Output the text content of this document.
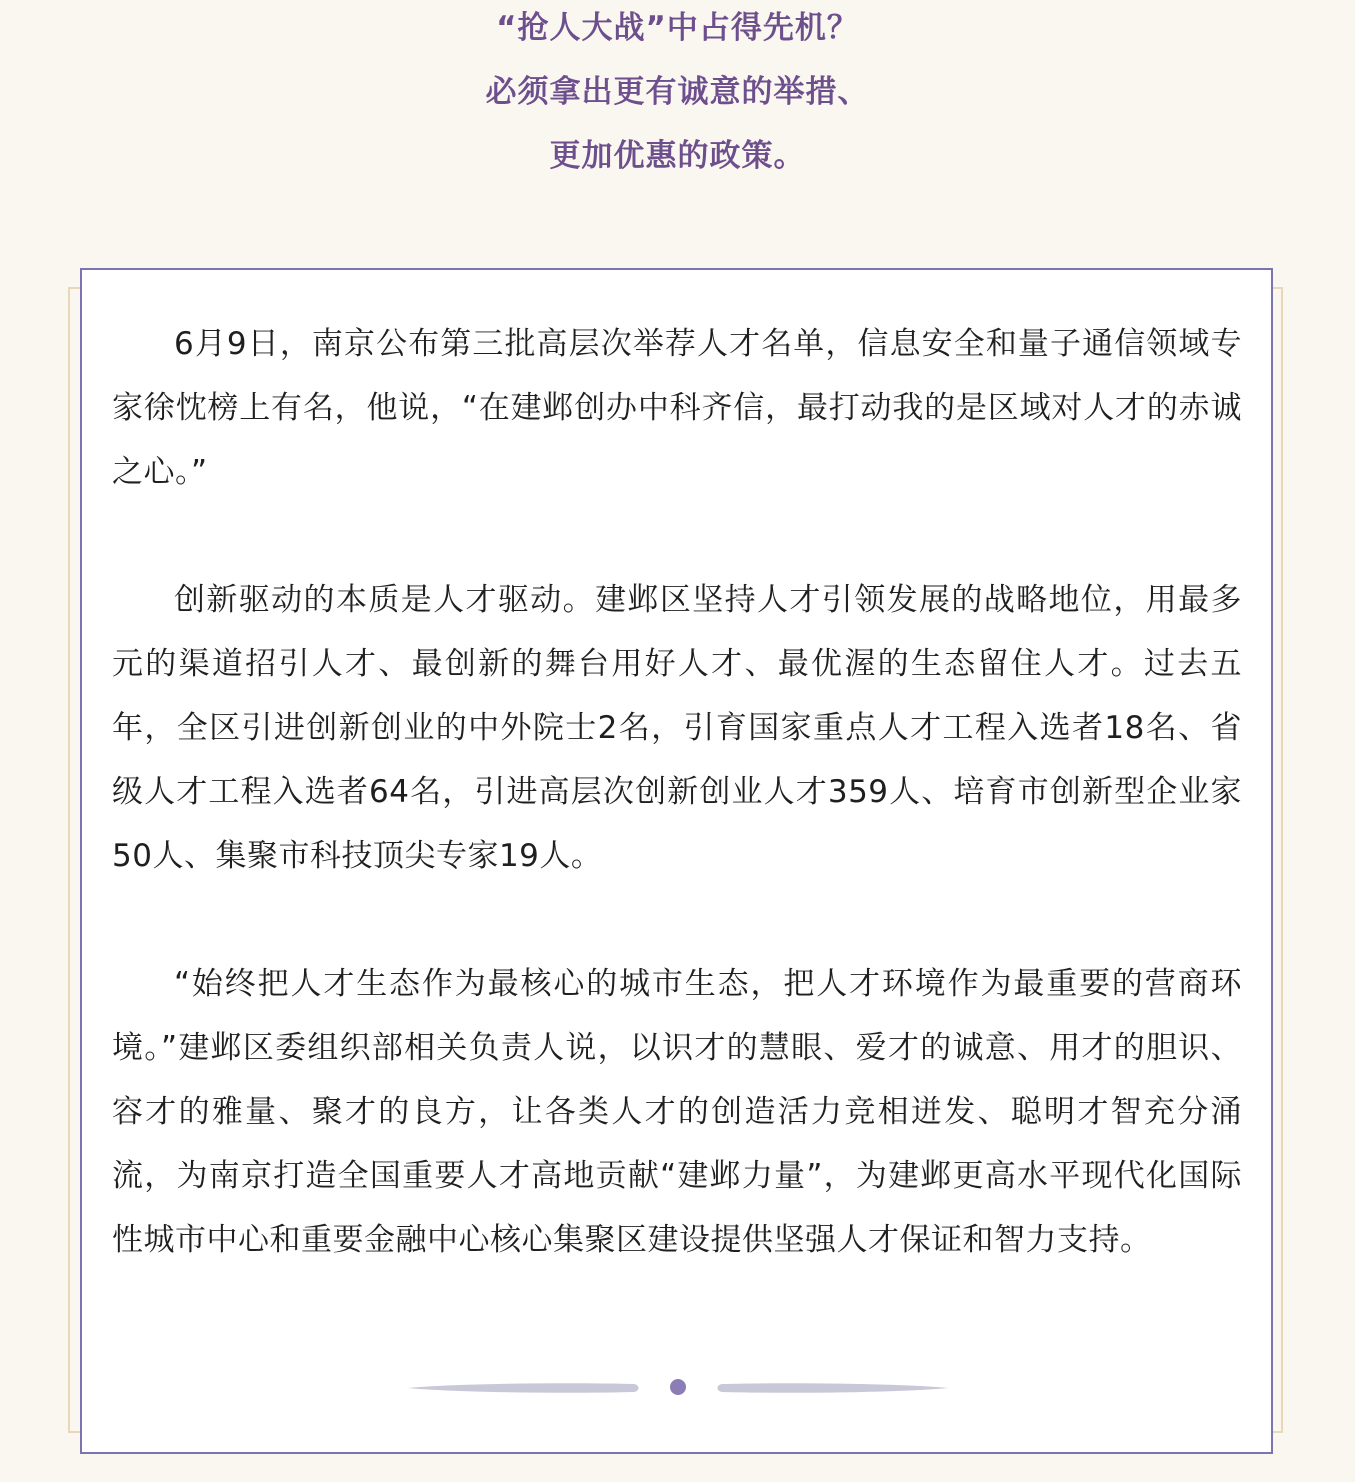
“抢人大战”中占得先机？
必须拿出更有诚意的举措、
更加优惠的政策。

6月9日，南京公布第三批高层次举荐人才名单，信息安全和量子通信领域专家徐忱榜上有名，他说，“在建邺创办中科齐信，最打动我的是区域对人才的赤诚之心。”

创新驱动的本质是人才驱动。建邺区坚持人才引领发展的战略地位，用最多元的渠道招引人才、最创新的舞台用好人才、最优渥的生态留住人才。过去五年，全区引进创新创业的中外院士2名，引育国家重点人才工程入选者18名、省级人才工程入选者64名，引进高层次创新创业人才359人、培育市创新型企业家50人、集聚市科技顶尖专家19人。

“始终把人才生态作为最核心的城市生态，把人才环境作为最重要的营商环境。”建邺区委组织部相关负责人说，以识才的慧眼、爱才的诚意、用才的胆识、容才的雅量、聚才的良方，让各类人才的创造活力竞相迸发、聪明才智充分涌流，为南京打造全国重要人才高地贡献“建邺力量”，为建邺更高水平现代化国际性城市中心和重要金融中心核心集聚区建设提供坚强人才保证和智力支持。
